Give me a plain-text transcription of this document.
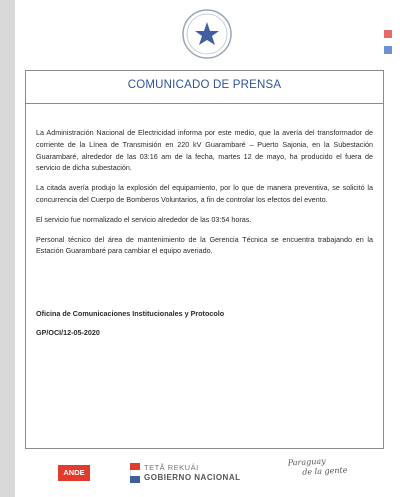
COMUNICADO DE PRENSA

La Administración Nacional de Electricidad informa por este medio, que la avería del transformador de corriente de la Línea de Transmisión en 220 kV Guarambaré – Puerto Sajonia, en la Subestación Guarambaré, alrededor de las 03:16 am de la fecha, martes 12 de mayo, ha producido el fuera de servicio de dicha subestación.

La citada avería produjo la explosión del equipamiento, por lo que de manera preventiva, se solicitó la concurrencia del Cuerpo de Bomberos Voluntarios, a fin de controlar los efectos del evento.

El servicio fue normalizado el servicio alrededor de las 03:54 horas.

Personal técnico del área de mantenimiento de la Gerencia Técnica se encuentra trabajando en la Estación Guarambaré para cambiar el equipo averiado.

Oficina de Comunicaciones Institucionales y Protocolo
GP/OCI/12-05-2020
ANDE
TETÃ REKUÁI
GOBIERNO NACIONAL
Paraguay
de la gente
